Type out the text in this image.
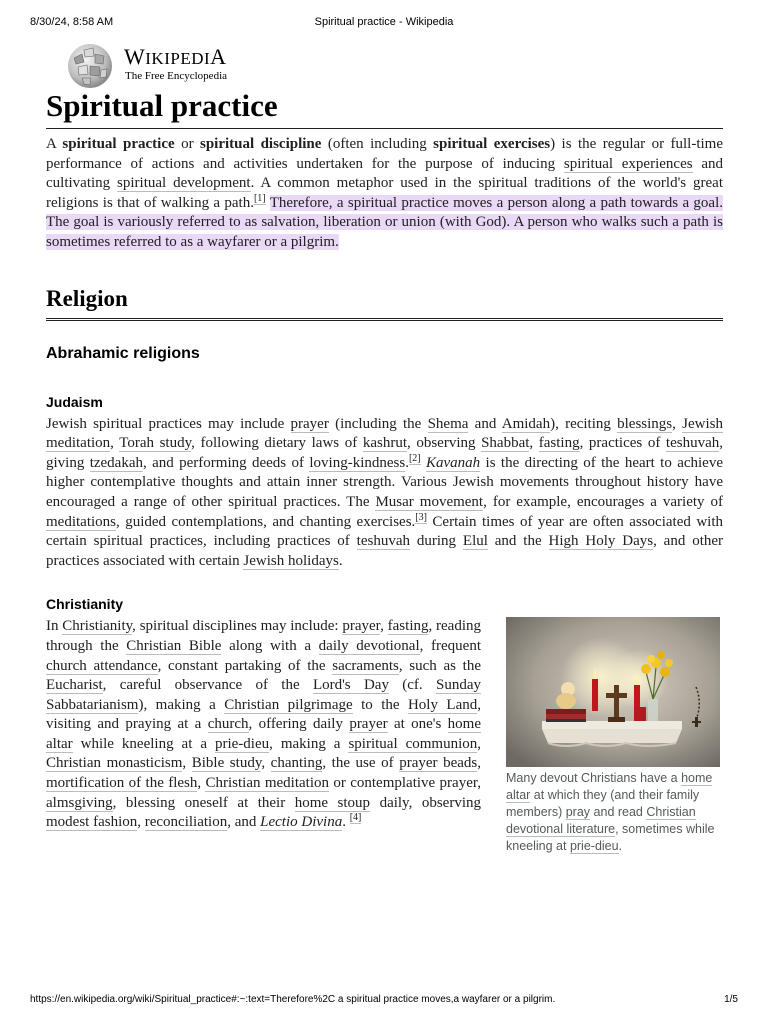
8/30/24, 8:58 AM	Spiritual practice - Wikipedia
WIKIPEDIA
The Free Encyclopedia
Spiritual practice

A spiritual practice or spiritual discipline (often including spiritual exercises) is the regular or full-time performance of actions and activities undertaken for the purpose of inducing spiritual experiences and cultivating spiritual development. A common metaphor used in the spiritual traditions of the world's great religions is that of walking a path.[1] Therefore, a spiritual practice moves a person along a path towards a goal. The goal is variously referred to as salvation, liberation or union (with God). A person who walks such a path is sometimes referred to as a wayfarer or a pilgrim.

Religion
Abrahamic religions
Judaism

Jewish spiritual practices may include prayer (including the Shema and Amidah), reciting blessings, Jewish meditation, Torah study, following dietary laws of kashrut, observing Shabbat, fasting, practices of teshuvah, giving tzedakah, and performing deeds of loving-kindness.[2] Kavanah is the directing of the heart to achieve higher contemplative thoughts and attain inner strength. Various Jewish movements throughout history have encouraged a range of other spiritual practices. The Musar movement, for example, encourages a variety of meditations, guided contemplations, and chanting exercises.[3] Certain times of year are often associated with certain spiritual practices, including practices of teshuvah during Elul and the High Holy Days, and other practices associated with certain Jewish holidays.

Christianity

In Christianity, spiritual disciplines may include: prayer, fasting, reading through the Christian Bible along with a daily devotional, frequent church attendance, constant partaking of the sacraments, such as the Eucharist, careful observance of the Lord's Day (cf. Sunday Sabbatarianism), making a Christian pilgrimage to the Holy Land, visiting and praying at a church, offering daily prayer at one's home altar while kneeling at a prie-dieu, making a spiritual communion, Christian monasticism, Bible study, chanting, the use of prayer beads, mortification of the flesh, Christian meditation or contemplative prayer, almsgiving, blessing oneself at their home stoup daily, observing modest fashion, reconciliation, and Lectio Divina. [4]

Many devout Christians have a home altar at which they (and their family members) pray and read Christian devotional literature, sometimes while kneeling at prie-dieu.
https://en.wikipedia.org/wiki/Spiritual_practice#:~:text=Therefore%2C a spiritual practice moves,a wayfarer or a pilgrim.	1/5
